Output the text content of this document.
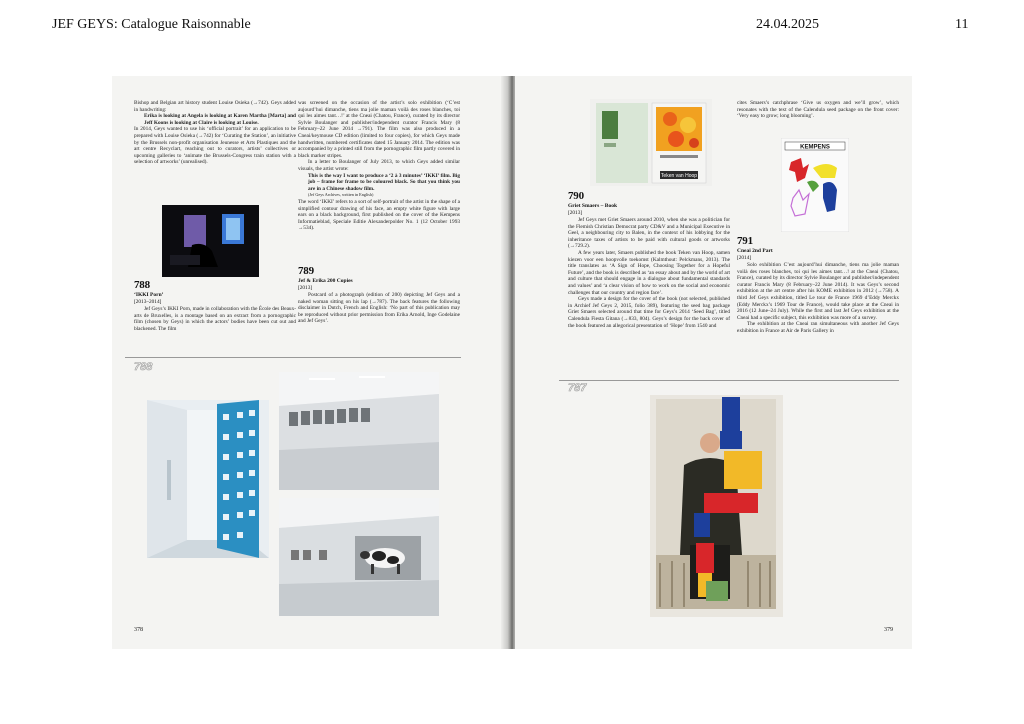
JEF GEYS: Catalogue Raisonnable	24.04.2025	11

Bishop and Belgian art history student Louise Osieka (→742). Geys added in handwriting:

Erika is looking at Angela is looking at Karen Martha [Marta] and Jeff Koons is looking at Claire is looking at Louise.

In 2014, Geys wanted to use his ‘official portrait’ for an application to be prepared with Louise Osieka (→742) for ‘Curating the Station’, an initiative by the Brussels non-profit organisation Jeunesse et Arts Plastiques and the art centre Recyclart, reaching out to curators, artists’ collectives or upcoming galleries to ‘animate the Brussels-Congress train station with a selection of artworks’ (unrealised).

788
‘IKKI Porn’
[2013–2014]
Jef Geys’s IKKI Porn, made in collaboration with the École des Beaux-arts de Bruxelles, is a montage based on an extract from a pornographic film (chosen by Geys) in which the actors’ bodies have been cut out and blackened. The film

was screened on the occasion of the artist’s solo exhibition (‘C’est aujourd’hui dimanche, tiens ma jolie maman voilà des roses blanches, toi qui les aimes tant…!’ at the Cneai (Chatou, France), curated by its director Sylvie Boulanger and publisher/independent curator Francis Mary (8 February–22 June 2014 →791). The film was also produced in a Cneai/keymouse CD edition (limited to four copies), for which Geys made handwritten, numbered certificates dated 15 January 2014. The edition was accompanied by a printed still from the pornographic film partly covered in black marker stripes.

In a letter to Boulanger of July 2013, to which Geys added similar visuals, the artist wrote:

This is the way I want to produce a ‘2 à 3 minutes’ ‘IKKI’ film. Big job – frame for frame to be coloured black. So that you think you are in a Chinese shadow film.

(Jef Geys Archives, written in English)

The word ‘IKKI’ refers to a sort of self-portrait of the artist in the shape of a simplified contour drawing of his face, an empty white figure with large ears on a black background, first published on the cover of the Kempens Informatieblad, Speciale Editie Alexanderpolder No. 1 (12 October 1993 →534).

789
Jef & Erika 200 Copies
[2013]
Postcard of a photograph (edition of 200) depicting Jef Geys and a naked woman sitting on his lap (→787). The back features the following disclaimer in Dutch, French and English: ‘No part of this publication may be reproduced without prior permission from Erika Arnold, Inge Godelaine and Jef Geys’.
788
378
Teken van Hoop
790
Griet Smaers – Book
[2013]

Jef Geys met Griet Smaers around 2010, when she was a politician for the Flemish Christian Democrat party CD&V and a Municipal Executive in Geel, a neighbouring city to Balen, in the context of his lobbying for the inheritance taxes of artists to be paid with cultural goods or artworks (→729.2).

A few years later, Smaers published the book Teken van Hoop, samen kiezen voor een hoopvolle toekomst (Kalmthout: Pelckmans, 2013). The title translates as ‘A Sign of Hope, Choosing Together for a Hopeful Future’, and the book is described as ‘an essay about and by the world of art and culture that should engage in a dialogue about fundamental standards and values’ and ‘a clear vision of how to work on the social and economic challenges that our country and region face’.

Geys made a design for the cover of the book (not selected, published in Archief Jef Geys 2, 2015, folio 389), featuring the seed bag package Griet Smaers selected around that time for Geys’s 2014 ‘Seed Bag’, titled Calendula Fiesta Gitana (→833, 804). Geys’s design for the back cover of the book featured an allegorical presentation of ‘Hope’ from 1540 and

cites Smaers’s catchphrase ‘Give us oxygen and we’ll grow’, which resonates with the text of the Calendula seed package on the front cover: ‘Very easy to grow; long blooming’.
KEMPENS
791
Cneai 2nd Part
[2014]

Solo exhibition C’est aujourd’hui dimanche, tiens ma jolie maman voilà des roses blanches, toi qui les aimes tant…! at the Cneai (Chatou, France), curated by its director Sylvie Boulanger and publisher/independent curator Francis Mary (8 February–22 June 2014). It was Geys’s second exhibition at the art centre after his KOME exhibition in 2012 (→758). A third Jef Geys exhibition, titled Le tour de France 1969 d’Eddy Merckx (Eddy Merckx’s 1969 Tour de France), would take place at the Cneai in 2016 (12 June–24 July). While the first and last Jef Geys exhibition at the Cneai had a specific subject, this exhibition was more of a survey.

The exhibition at the Cneai ran simultaneous with another Jef Geys exhibition in France at Air de Paris Gallery in

787
379
